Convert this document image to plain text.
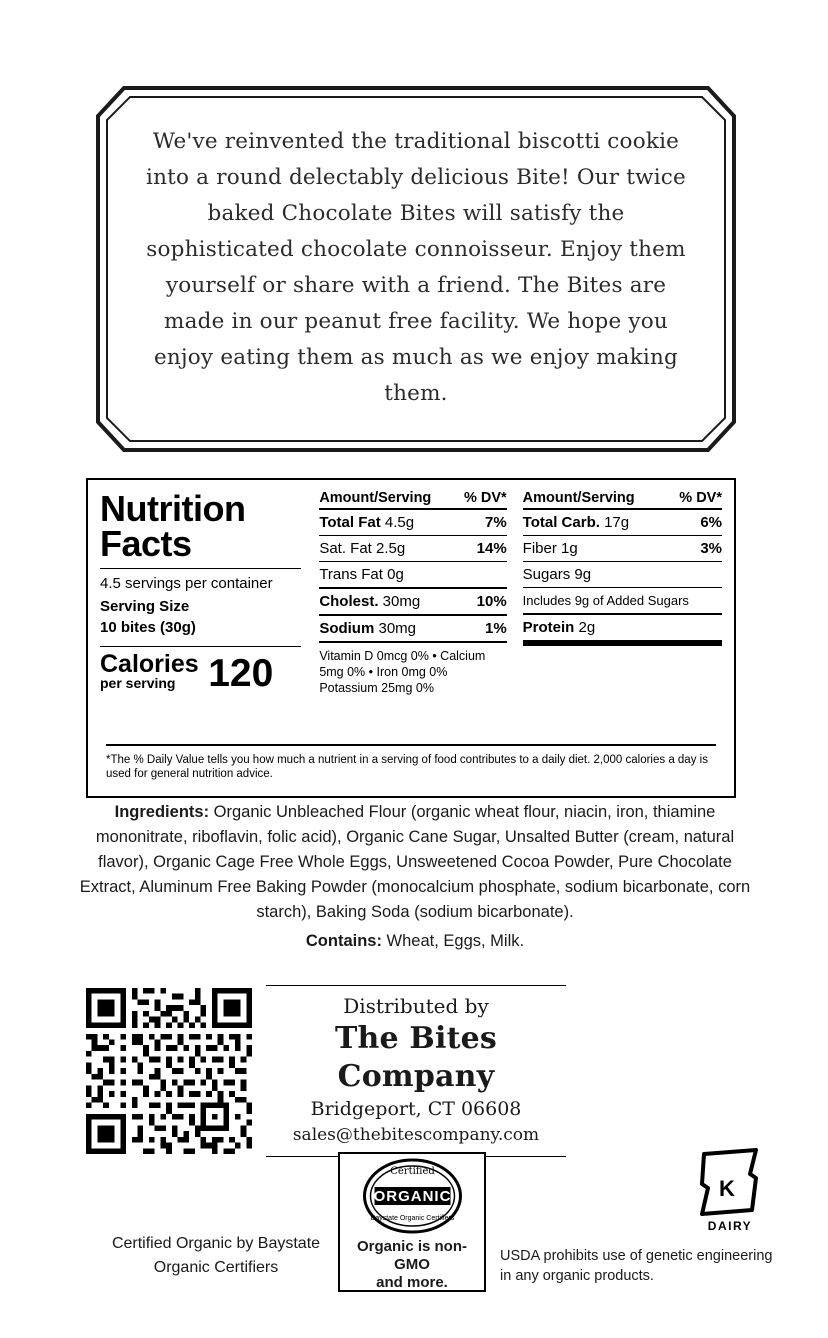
We've reinvented the traditional biscotti cookie into a round delectably delicious Bite! Our twice baked Chocolate Bites will satisfy the sophisticated chocolate connoisseur. Enjoy them yourself or share with a friend. The Bites are made in our peanut free facility. We hope you enjoy eating them as much as we enjoy making them.
Nutrition
Facts
4.5 servings per container
Serving Size
10 bites (30g)
Calories
per serving 120
Amount/Serving % DV*
Total Fat 4.5g	7%
Sat. Fat 2.5g	14%
Trans Fat 0g
Cholest. 30mg	10%
Sodium 30mg	1%
Vitamin D 0mcg 0% • Calcium 5mg 0% • Iron 0mg 0%
Potassium 25mg 0%
Amount/Serving	% DV*
Total Carb. 17g	6%
Fiber 1g	3%
Sugars 9g
Includes 9g of Added Sugars
Protein 2g
*The % Daily Value tells you how much a nutrient in a serving of food contributes to a daily diet. 2,000 calories a day is used for general nutrition advice.
Ingredients: Organic Unbleached Flour (organic wheat flour, niacin, iron, thiamine mononitrate, riboflavin, folic acid), Organic Cane Sugar, Unsalted Butter (cream, natural flavor), Organic Cage Free Whole Eggs, Unsweetened Cocoa Powder, Pure Chocolate Extract, Aluminum Free Baking Powder (monocalcium phosphate, sodium bicarbonate, corn starch), Baking Soda (sodium bicarbonate).
Contains: Wheat, Eggs, Milk.
Distributed by
The Bites Company
Bridgeport, CT 06608
sales@thebitescompany.com
Certified Organic by Baystate Organic Certifiers
ORGANIC
Certified
Baystate Organic Certifiers
Organic is non-GMO
and more.
USDA prohibits use of genetic engineering in any organic products.
K
DAIRY
